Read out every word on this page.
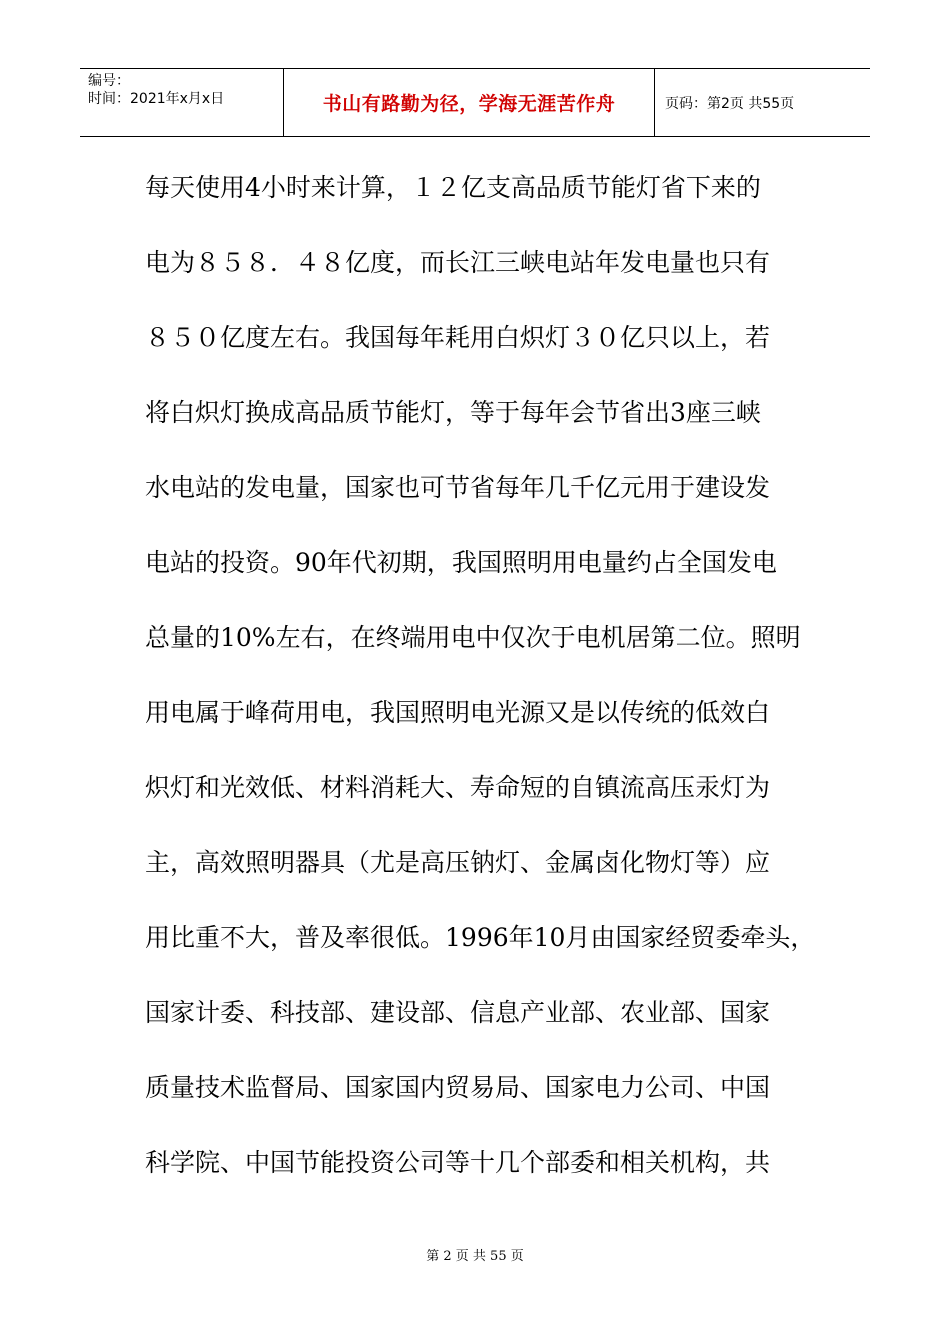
编号：
时间：2021年x月x日	书山有路勤为径，学海无涯苦作舟	页码：第2页 共55页
每天使用4小时来计算，１２亿支高品质节能灯省下来的
电为８５８．４８亿度，而长江三峡电站年发电量也只有
８５０亿度左右。我国每年耗用白炽灯３０亿只以上，若
将白炽灯换成高品质节能灯，等于每年会节省出3座三峡
水电站的发电量，国家也可节省每年几千亿元用于建设发
电站的投资。90年代初期，我国照明用电量约占全国发电
总量的10%左右，在终端用电中仅次于电机居第二位。照明
用电属于峰荷用电，我国照明电光源又是以传统的低效白
炽灯和光效低、材料消耗大、寿命短的自镇流高压汞灯为
主，高效照明器具（尤是高压钠灯、金属卤化物灯等）应
用比重不大，普及率很低。1996年10月由国家经贸委牵头，
国家计委、科技部、建设部、信息产业部、农业部、国家
质量技术监督局、国家国内贸易局、国家电力公司、中国
科学院、中国节能投资公司等十几个部委和相关机构，共
第 2 页 共 55 页
